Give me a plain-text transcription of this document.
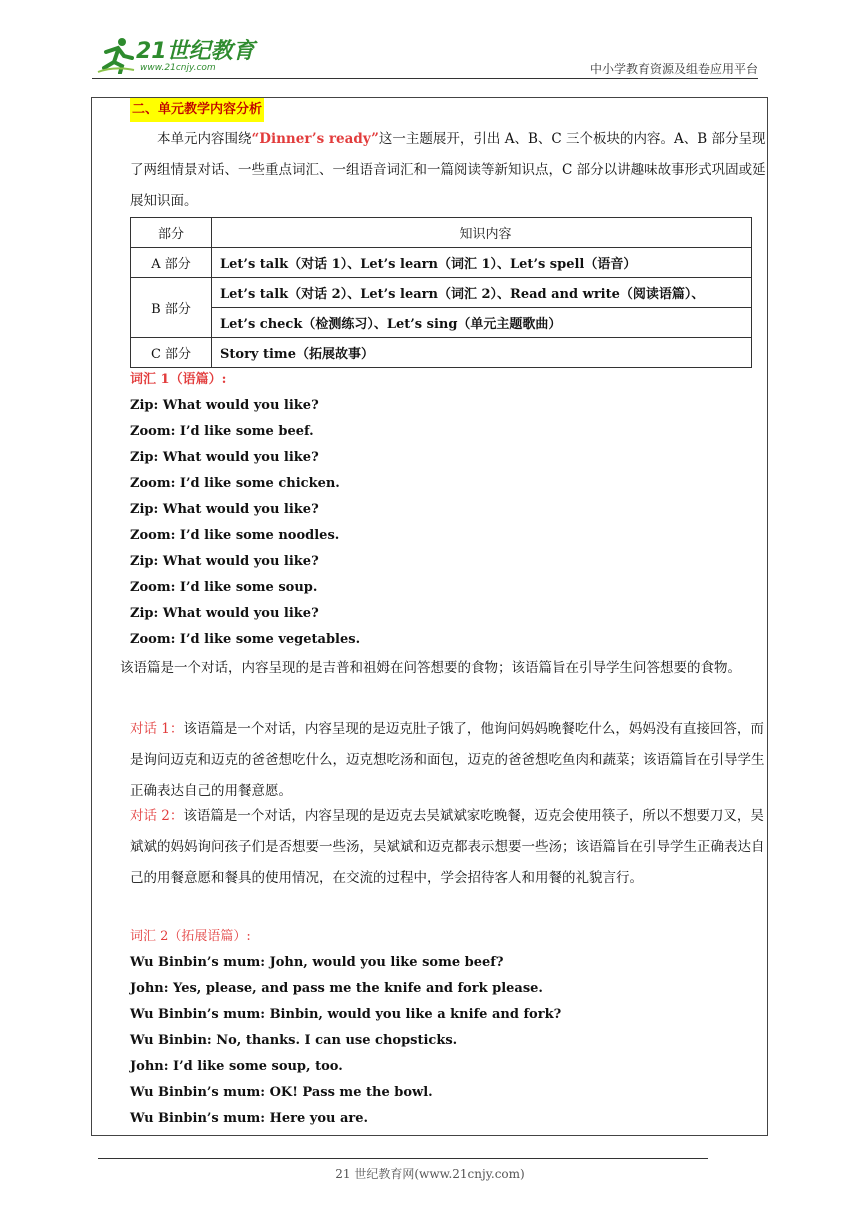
21世纪教育
www.21cnjy.com	中小学教育资源及组卷应用平台
二、单元教学内容分析
本单元内容围绕“Dinner’s ready”这一主题展开，引出 A、B、C 三个板块的内容。A、B 部分呈现了两组情景对话、一些重点词汇、一组语音词汇和一篇阅读等新知识点，C 部分以讲趣味故事形式巩固或延展知识面。
部分	知识内容
A 部分	Let’s talk（对话 1）、Let’s learn（词汇 1）、Let’s spell（语音）
B 部分	Let’s talk（对话 2）、Let’s learn（词汇 2）、Read and write（阅读语篇）、
	Let’s check（检测练习）、Let’s sing（单元主题歌曲）
C 部分	Story time（拓展故事）
词汇 1（语篇）:
Zip: What would you like?
Zoom: I’d like some beef.
Zip: What would you like?
Zoom: I’d like some chicken.
Zip: What would you like?
Zoom: I’d like some noodles.
Zip: What would you like?
Zoom: I’d like some soup.
Zip: What would you like?
Zoom: I’d like some vegetables.
该语篇是一个对话，内容呈现的是吉普和祖姆在问答想要的食物；该语篇旨在引导学生问答想要的食物。
对话 1：该语篇是一个对话，内容呈现的是迈克肚子饿了，他询问妈妈晚餐吃什么，妈妈没有直接回答，而是询问迈克和迈克的爸爸想吃什么，迈克想吃汤和面包，迈克的爸爸想吃鱼肉和蔬菜；该语篇旨在引导学生正确表达自己的用餐意愿。
对话 2：该语篇是一个对话，内容呈现的是迈克去吴斌斌家吃晚餐，迈克会使用筷子，所以不想要刀叉，吴斌斌的妈妈询问孩子们是否想要一些汤，吴斌斌和迈克都表示想要一些汤；该语篇旨在引导学生正确表达自己的用餐意愿和餐具的使用情况，在交流的过程中，学会招待客人和用餐的礼貌言行。
词汇 2（拓展语篇）:
Wu Binbin’s mum: John, would you like some beef?
John: Yes, please, and pass me the knife and fork please.
Wu Binbin’s mum: Binbin, would you like a knife and fork?
Wu Binbin: No, thanks. I can use chopsticks.
John: I’d like some soup, too.
Wu Binbin’s mum: OK! Pass me the bowl.
Wu Binbin’s mum: Here you are.
21 世纪教育网(www.21cnjy.com)
